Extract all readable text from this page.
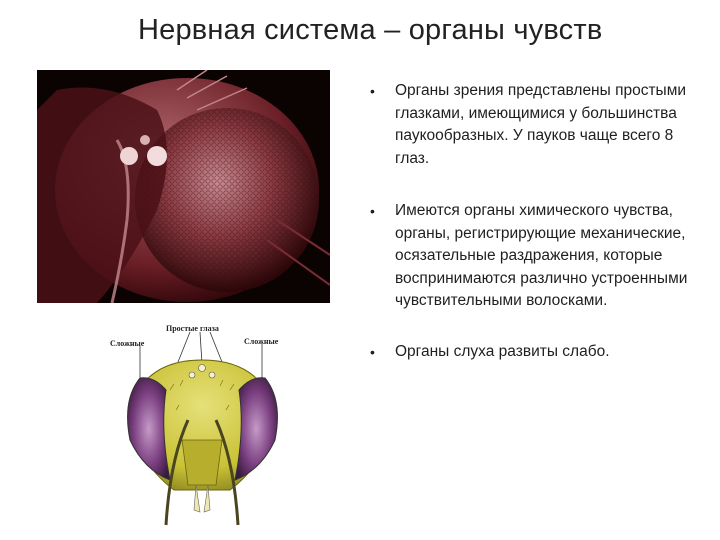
Нервная система – органы чувств
Простые глаза
Сложные	Сложные
• Органы зрения представлены простыми глазками, имеющимися у большинства паукообразных. У пауков чаще всего 8 глаз.
• Имеются органы химического чувства, органы, регистрирующие механические, осязательные раздражения, которые воспринимаются различно устроенными чувствительными волосками.
• Органы слуха развиты слабо.
